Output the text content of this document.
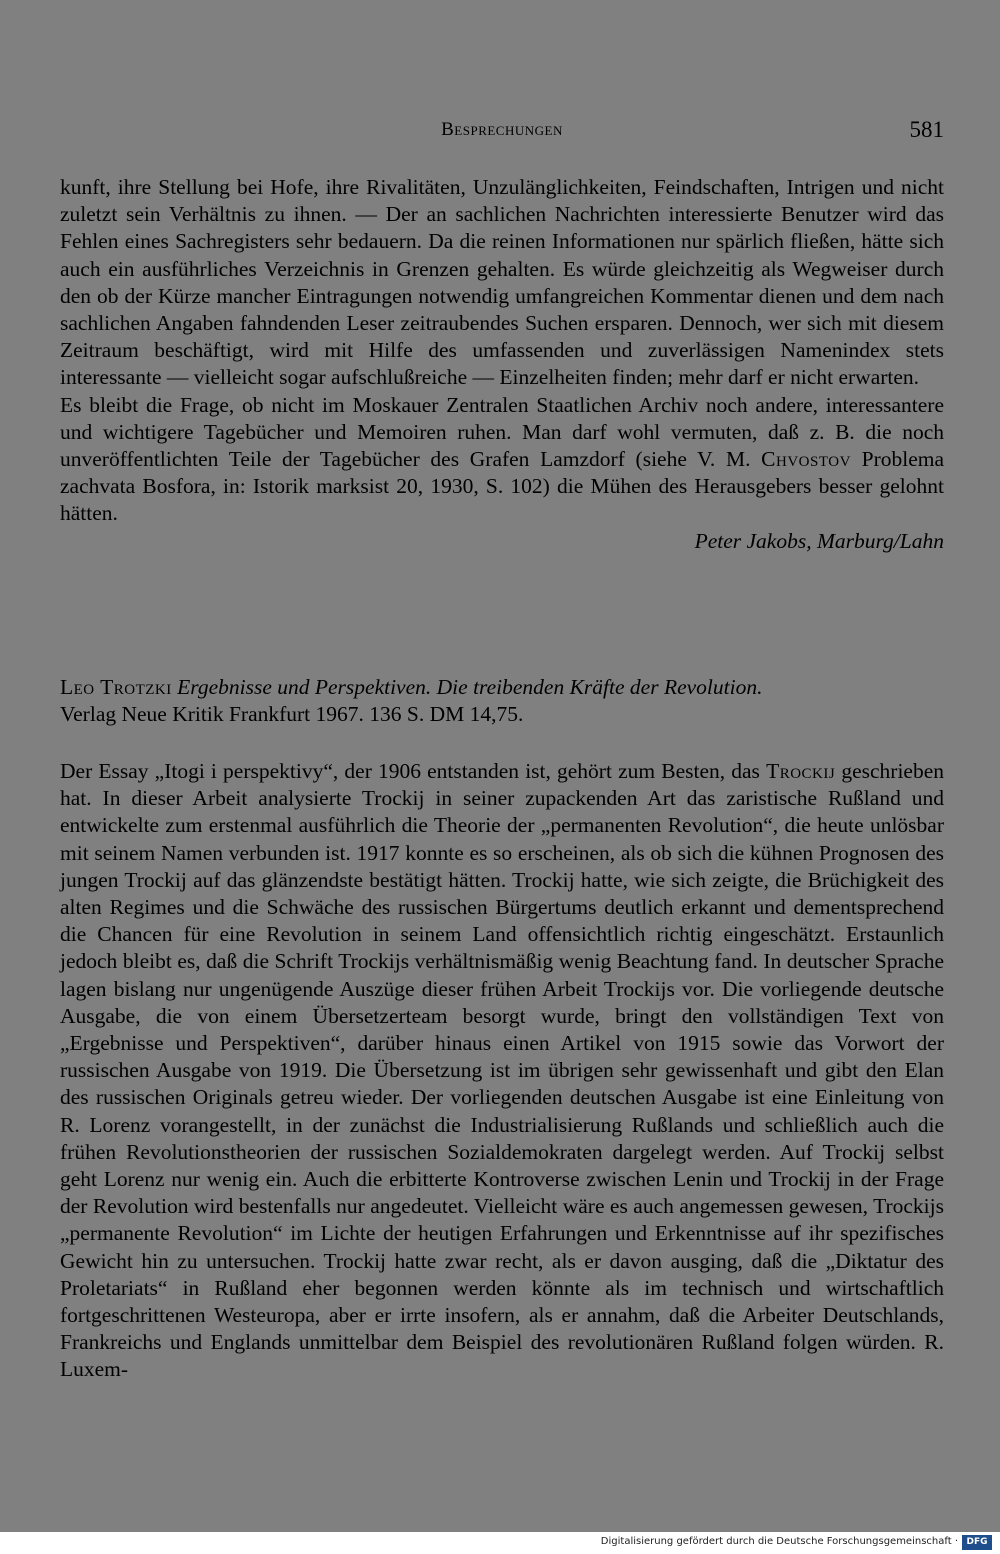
Besprechungen	581

kunft, ihre Stellung bei Hofe, ihre Rivalitäten, Unzulänglichkeiten, Feindschaften, Intrigen und nicht zuletzt sein Verhältnis zu ihnen. — Der an sachlichen Nachrichten interessierte Benutzer wird das Fehlen eines Sachregisters sehr bedauern. Da die reinen Informationen nur spärlich fließen, hätte sich auch ein ausführliches Verzeichnis in Grenzen gehalten. Es würde gleichzeitig als Wegweiser durch den ob der Kürze mancher Eintragungen notwendig umfangreichen Kommentar dienen und dem nach sachlichen Angaben fahndenden Leser zeitraubendes Suchen ersparen. Dennoch, wer sich mit diesem Zeitraum beschäftigt, wird mit Hilfe des umfassenden und zuverlässigen Namenindex stets interessante — vielleicht sogar aufschlußreiche — Einzelheiten finden; mehr darf er nicht erwarten.

Es bleibt die Frage, ob nicht im Moskauer Zentralen Staatlichen Archiv noch andere, interessantere und wichtigere Tagebücher und Memoiren ruhen. Man darf wohl vermuten, daß z. B. die noch unveröffentlichten Teile der Tagebücher des Grafen Lamzdorf (siehe V. M. Chvostov Problema zachvata Bosfora, in: Istorik marksist 20, 1930, S. 102) die Mühen des Herausgebers besser gelohnt hätten.

Peter Jakobs, Marburg/Lahn

Leo Trotzki Ergebnisse und Perspektiven. Die treibenden Kräfte der Revolution.
Verlag Neue Kritik Frankfurt 1967. 136 S. DM 14,75.

Der Essay „Itogi i perspektivy“, der 1906 entstanden ist, gehört zum Besten, das Trockij geschrieben hat. In dieser Arbeit analysierte Trockij in seiner zupackenden Art das zaristische Rußland und entwickelte zum erstenmal ausführlich die Theorie der „permanenten Revolution“, die heute unlösbar mit seinem Namen verbunden ist. 1917 konnte es so erscheinen, als ob sich die kühnen Prognosen des jungen Trockij auf das glänzendste bestätigt hätten. Trockij hatte, wie sich zeigte, die Brüchigkeit des alten Regimes und die Schwäche des russischen Bürgertums deutlich erkannt und dementsprechend die Chancen für eine Revolution in seinem Land offensichtlich richtig eingeschätzt. Erstaunlich jedoch bleibt es, daß die Schrift Trockijs verhältnismäßig wenig Beachtung fand. In deutscher Sprache lagen bislang nur ungenügende Auszüge dieser frühen Arbeit Trockijs vor. Die vorliegende deutsche Ausgabe, die von einem Übersetzerteam besorgt wurde, bringt den vollständigen Text von „Ergebnisse und Perspektiven“, darüber hinaus einen Artikel von 1915 sowie das Vorwort der russischen Ausgabe von 1919. Die Übersetzung ist im übrigen sehr gewissenhaft und gibt den Elan des russischen Originals getreu wieder. Der vorliegenden deutschen Ausgabe ist eine Einleitung von R. Lorenz vorangestellt, in der zunächst die Industrialisierung Rußlands und schließlich auch die frühen Revolutionstheorien der russischen Sozialdemokraten dargelegt werden. Auf Trockij selbst geht Lorenz nur wenig ein. Auch die erbitterte Kontroverse zwischen Lenin und Trockij in der Frage der Revolution wird bestenfalls nur angedeutet. Vielleicht wäre es auch angemessen gewesen, Trockijs „permanente Revolution“ im Lichte der heutigen Erfahrungen und Erkenntnisse auf ihr spezifisches Gewicht hin zu untersuchen. Trockij hatte zwar recht, als er davon ausging, daß die „Diktatur des Proletariats“ in Rußland eher begonnen werden könnte als im technisch und wirtschaftlich fortgeschrittenen Westeuropa, aber er irrte insofern, als er annahm, daß die Arbeiter Deutschlands, Frankreichs und Englands unmittelbar dem Beispiel des revolutionären Rußland folgen würden. R. Luxem-

Digitalisierung gefördert durch die Deutsche Forschungsgemeinschaft · DFG
